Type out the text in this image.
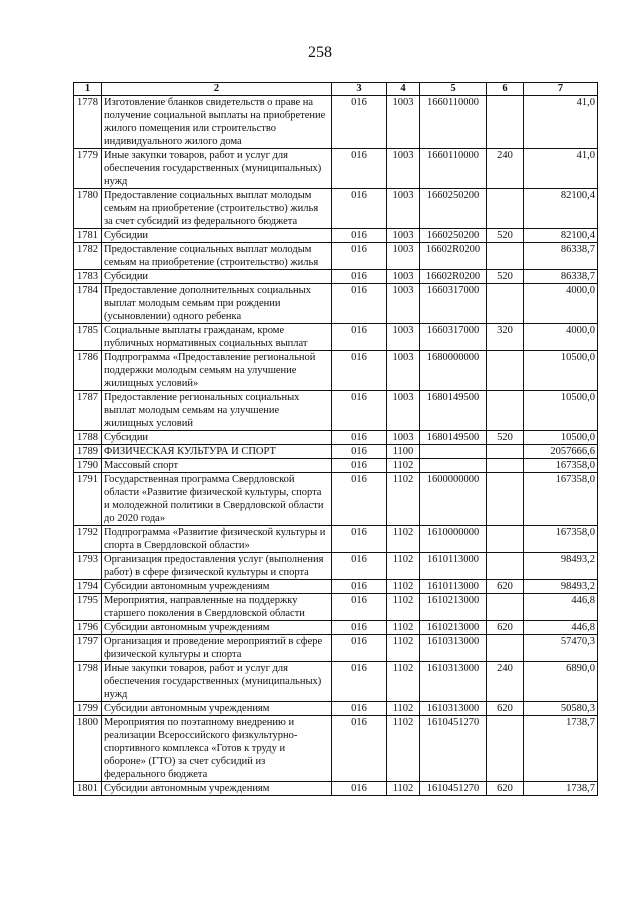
258
1	2	3	4	5	6	7
1778	Изготовление бланков свидетельств о праве на получение социальной выплаты на приобретение жилого помещения или строительство индивидуального жилого дома	016	1003	1660110000		41,0
1779	Иные закупки товаров, работ и услуг для обеспечения государственных (муниципальных) нужд	016	1003	1660110000	240	41,0
1780	Предоставление социальных выплат молодым семьям на приобретение (строительство) жилья за счет субсидий из федерального бюджета	016	1003	1660250200		82100,4
1781	Субсидии	016	1003	1660250200	520	82100,4
1782	Предоставление социальных выплат молодым семьям на приобретение (строительство) жилья	016	1003	16602R0200		86338,7
1783	Субсидии	016	1003	16602R0200	520	86338,7
1784	Предоставление дополнительных социальных выплат молодым семьям при рождении (усыновлении) одного ребенка	016	1003	1660317000		4000,0
1785	Социальные выплаты гражданам, кроме публичных нормативных социальных выплат	016	1003	1660317000	320	4000,0
1786	Подпрограмма «Предоставление региональной поддержки молодым семьям на улучшение жилищных условий»	016	1003	1680000000		10500,0
1787	Предоставление региональных социальных выплат молодым семьям на улучшение жилищных условий	016	1003	1680149500		10500,0
1788	Субсидии	016	1003	1680149500	520	10500,0
1789	ФИЗИЧЕСКАЯ КУЛЬТУРА И СПОРТ	016	1100			2057666,6
1790	Массовый спорт	016	1102			167358,0
1791	Государственная программа Свердловской области «Развитие физической культуры, спорта и молодежной политики в Свердловской области до 2020 года»	016	1102	1600000000		167358,0
1792	Подпрограмма «Развитие физической культуры и спорта в Свердловской области»	016	1102	1610000000		167358,0
1793	Организация предоставления услуг (выполнения работ) в сфере физической культуры и спорта	016	1102	1610113000		98493,2
1794	Субсидии автономным учреждениям	016	1102	1610113000	620	98493,2
1795	Мероприятия, направленные на поддержку старшего поколения в Свердловской области	016	1102	1610213000		446,8
1796	Субсидии автономным учреждениям	016	1102	1610213000	620	446,8
1797	Организация и проведение мероприятий в сфере физической культуры и спорта	016	1102	1610313000		57470,3
1798	Иные закупки товаров, работ и услуг для обеспечения государственных (муниципальных) нужд	016	1102	1610313000	240	6890,0
1799	Субсидии автономным учреждениям	016	1102	1610313000	620	50580,3
1800	Мероприятия по поэтапному внедрению и реализации Всероссийского физкультурно-спортивного комплекса «Готов к труду и обороне» (ГТО) за счет субсидий из федерального бюджета	016	1102	1610451270		1738,7
1801	Субсидии автономным учреждениям	016	1102	1610451270	620	1738,7
